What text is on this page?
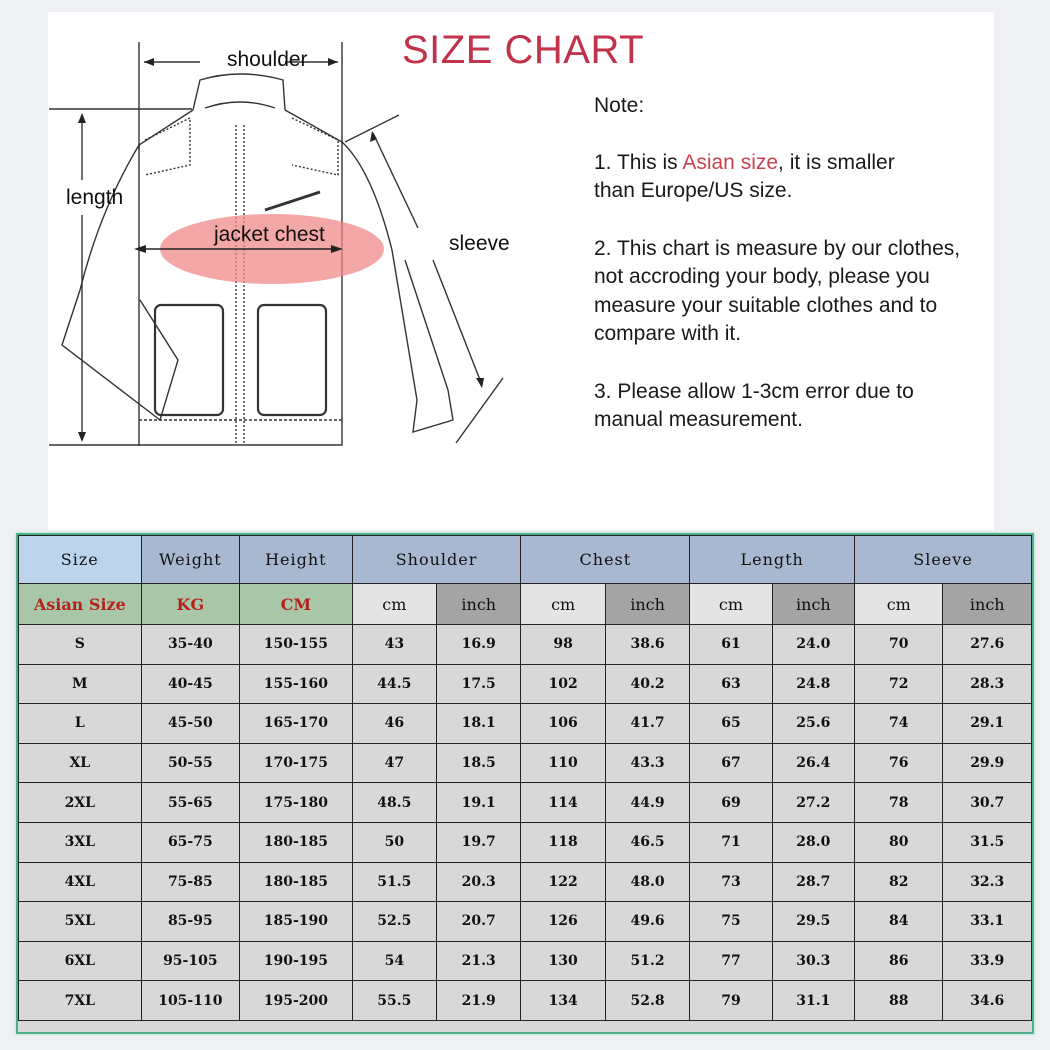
shoulder
length
jacket chest	sleeve
SIZE CHART

Note:

1. This is Asian size, it is smaller than Europe/US size.

2. This chart is measure by our clothes, not accroding your body, please you measure your suitable clothes and to compare with it.

3. Please allow 1-3cm error due to manual measurement.

Size	Weight	Height	Shoulder		Chest		Length		Sleeve	
Asian Size	KG	CM	cm	inch	cm	inch	cm	inch	cm	inch
S	35-40	150-155	43	16.9	98	38.6	61	24.0	70	27.6
M	40-45	155-160	44.5	17.5	102	40.2	63	24.8	72	28.3
L	45-50	165-170	46	18.1	106	41.7	65	25.6	74	29.1
XL	50-55	170-175	47	18.5	110	43.3	67	26.4	76	29.9
2XL	55-65	175-180	48.5	19.1	114	44.9	69	27.2	78	30.7
3XL	65-75	180-185	50	19.7	118	46.5	71	28.0	80	31.5
4XL	75-85	180-185	51.5	20.3	122	48.0	73	28.7	82	32.3
5XL	85-95	185-190	52.5	20.7	126	49.6	75	29.5	84	33.1
6XL	95-105	190-195	54	21.3	130	51.2	77	30.3	86	33.9
7XL	105-110	195-200	55.5	21.9	134	52.8	79	31.1	88	34.6
